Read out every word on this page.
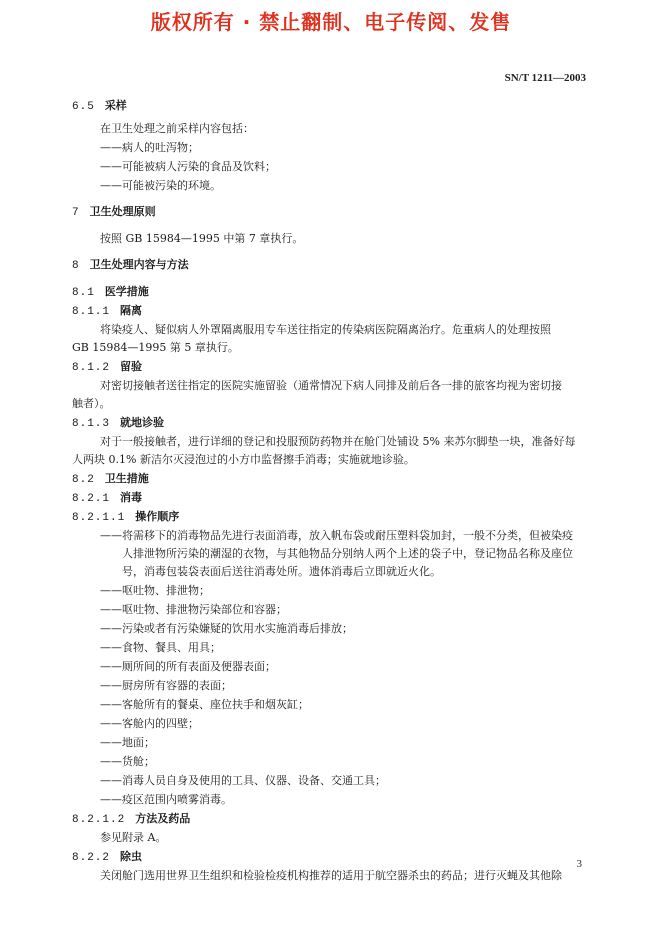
版权所有 · 禁止翻制、电子传阅、发售
SN/T 1211—2003
6.5 采样
在卫生处理之前采样内容包括：
——病人的吐泻物；
——可能被病人污染的食品及饮料；
——可能被污染的环境。
7 卫生处理原则
按照 GB 15984—1995 中第 7 章执行。
8 卫生处理内容与方法
8.1 医学措施
8.1.1 隔离
将染疫人、疑似病人外罩隔离服用专车送往指定的传染病医院隔离治疗。危重病人的处理按照
GB 15984—1995 第 5 章执行。
8.1.2 留验
对密切接触者送往指定的医院实施留验（通常情况下病人同排及前后各一排的旅客均视为密切接
触者）。
8.1.3 就地诊验
对于一般接触者，进行详细的登记和投服预防药物并在舱门处铺设 5% 来苏尔脚垫一块，准备好每
人两块 0.1% 新洁尔灭浸泡过的小方巾监督擦手消毒；实施就地诊验。
8.2 卫生措施
8.2.1 消毒
8.2.1.1 操作顺序
——将需移下的消毒物品先进行表面消毒，放入帆布袋或耐压塑料袋加封，一般不分类，但被染疫
人排泄物所污染的潮湿的衣物，与其他物品分别纳人两个上述的袋子中，登记物品名称及座位
号，消毒包装袋表面后送往消毒处所。遗体消毒后立即就近火化。
——呕吐物、排泄物；
——呕吐物、排泄物污染部位和容器；
——污染或者有污染嫌疑的饮用水实施消毒后排放；
——食物、餐具、用具；
——厕所间的所有表面及便器表面；
——厨房所有容器的表面；
——客舱所有的餐桌、座位扶手和烟灰缸；
——客舱内的四壁；
——地面；
——货舱；
——消毒人员自身及使用的工具、仪器、设备、交通工具；
——疫区范围内喷雾消毒。
8.2.1.2 方法及药品
参见附录 A。
8.2.2 除虫
关闭舱门选用世界卫生组织和检验检疫机构推荐的适用于航空器杀虫的药品；进行灭蝇及其他除
3
